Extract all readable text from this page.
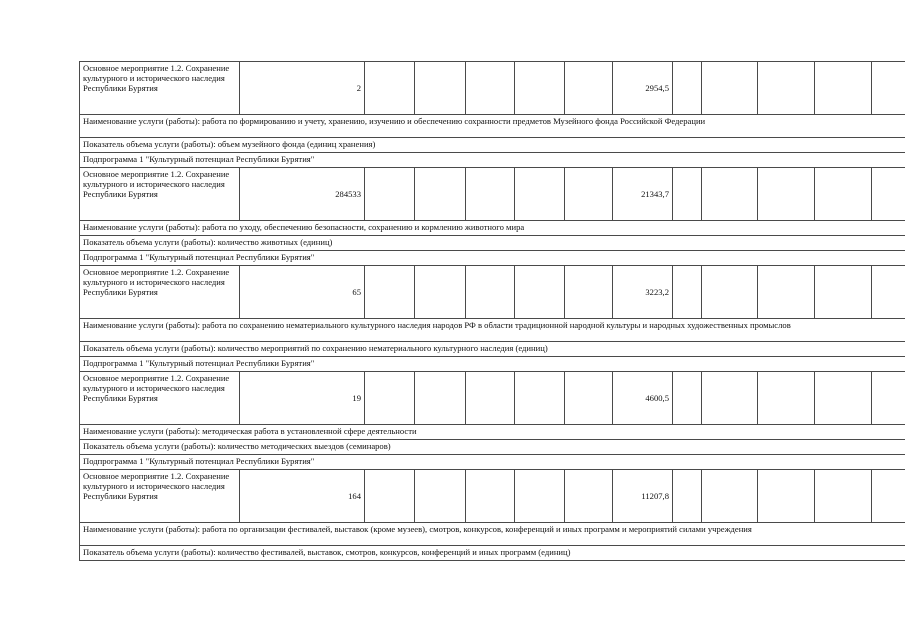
Основное мероприятие 1.2. Сохранение культурного и исторического наследия Республики Бурятия	2						2954,5					
Наименование услуги (работы): работа по формированию и учету, хранению, изучению и обеспечению сохранности предметов Музейного фонда Российской Федерации												
Показатель объема услуги (работы): объем музейного фонда (единиц хранения)												
Подпрограмма 1 "Культурный потенциал Республики Бурятия"												
Основное мероприятие 1.2. Сохранение культурного и исторического наследия Республики Бурятия	284533						21343,7					
Наименование услуги (работы): работа по уходу, обеспечению безопасности, сохранению и кормлению животного мира												
Показатель объема услуги (работы): количество животных (единиц)												
Подпрограмма 1 "Культурный потенциал Республики Бурятия"												
Основное мероприятие 1.2. Сохранение культурного и исторического наследия Республики Бурятия	65						3223,2					
Наименование услуги (работы): работа по сохранению нематериального культурного наследия народов РФ в области традиционной народной культуры и народных художественных промыслов												
Показатель объема услуги (работы): количество мероприятий по сохранению нематериального культурного наследия (единиц)												
Подпрограмма 1 "Культурный потенциал Республики Бурятия"												
Основное мероприятие 1.2. Сохранение культурного и исторического наследия Республики Бурятия	19						4600,5					
Наименование услуги (работы): методическая работа в установленной сфере деятельности												
Показатель объема услуги (работы): количество методических выездов (семинаров)												
Подпрограмма 1 "Культурный потенциал Республики Бурятия"												
Основное мероприятие 1.2. Сохранение культурного и исторического наследия Республики Бурятия	164						11207,8					
Наименование услуги (работы): работа по организации фестивалей, выставок (кроме музеев), смотров, конкурсов, конференций и иных программ и мероприятий силами учреждения												
Показатель объема услуги (работы): количество фестивалей, выставок, смотров, конкурсов, конференций и иных программ (единиц)												
